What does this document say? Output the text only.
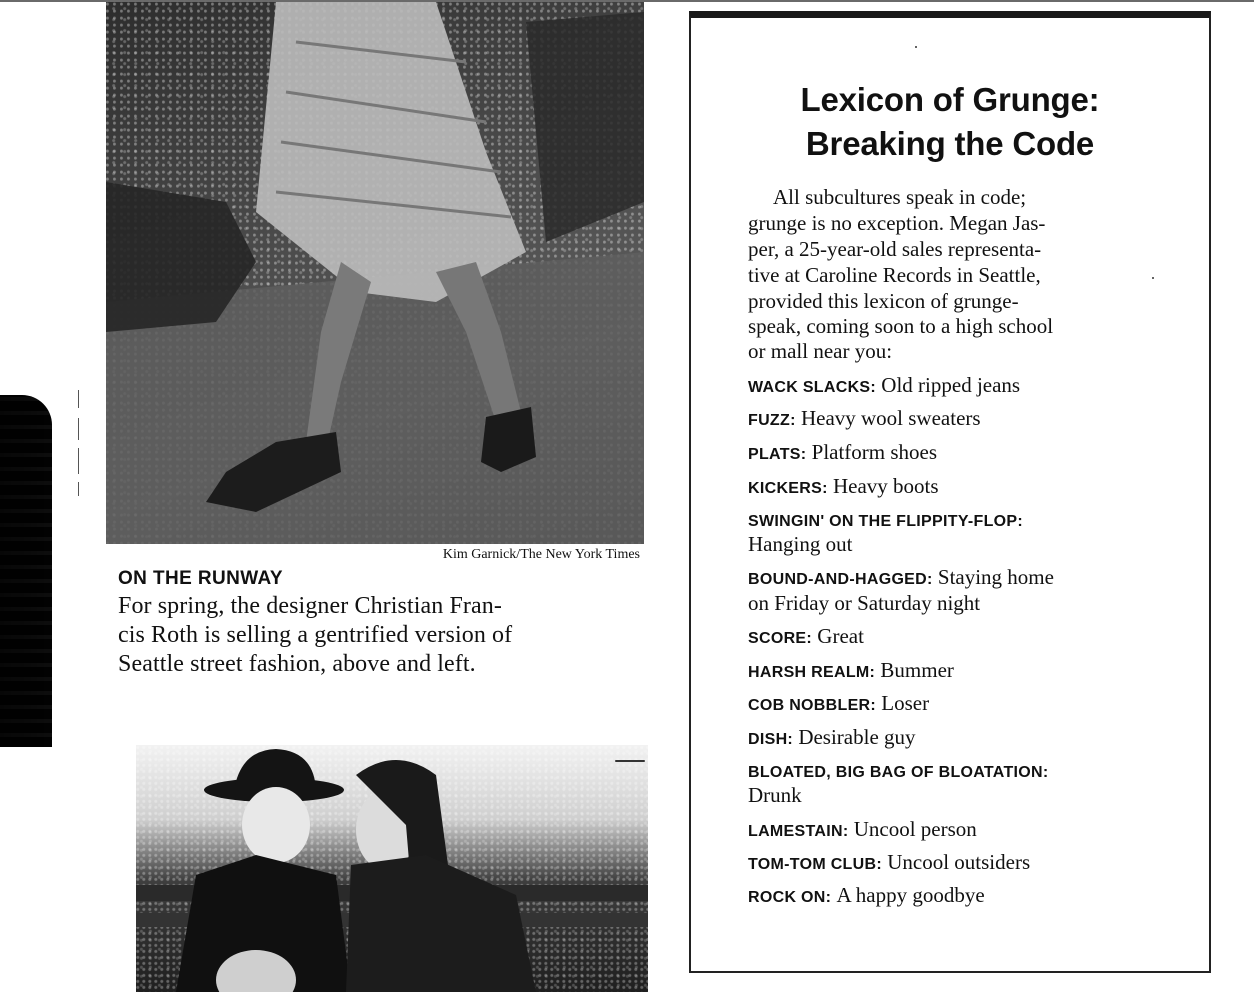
Kim Garnick/The New York Times
ON THE RUNWAY
For spring, the designer Christian Fran-
cis Roth is selling a gentrified version of
Seattle street fashion, above and left.
Lexicon of Grunge:
Breaking the Code
All subcultures speak in code;
grunge is no exception. Megan Jas-
per, a 25-year-old sales representa-
tive at Caroline Records in Seattle,
provided this lexicon of grunge-
speak, coming soon to a high school
or mall near you:
WACK SLACKS: Old ripped jeans
FUZZ: Heavy wool sweaters
PLATS: Platform shoes
KICKERS: Heavy boots
SWINGIN' ON THE FLIPPITY-FLOP:
Hanging out
BOUND-AND-HAGGED: Staying home
on Friday or Saturday night
SCORE: Great
HARSH REALM: Bummer
COB NOBBLER: Loser
DISH: Desirable guy
BLOATED, BIG BAG OF BLOATATION:
Drunk
LAMESTAIN: Uncool person
TOM-TOM CLUB: Uncool outsiders
ROCK ON: A happy goodbye
